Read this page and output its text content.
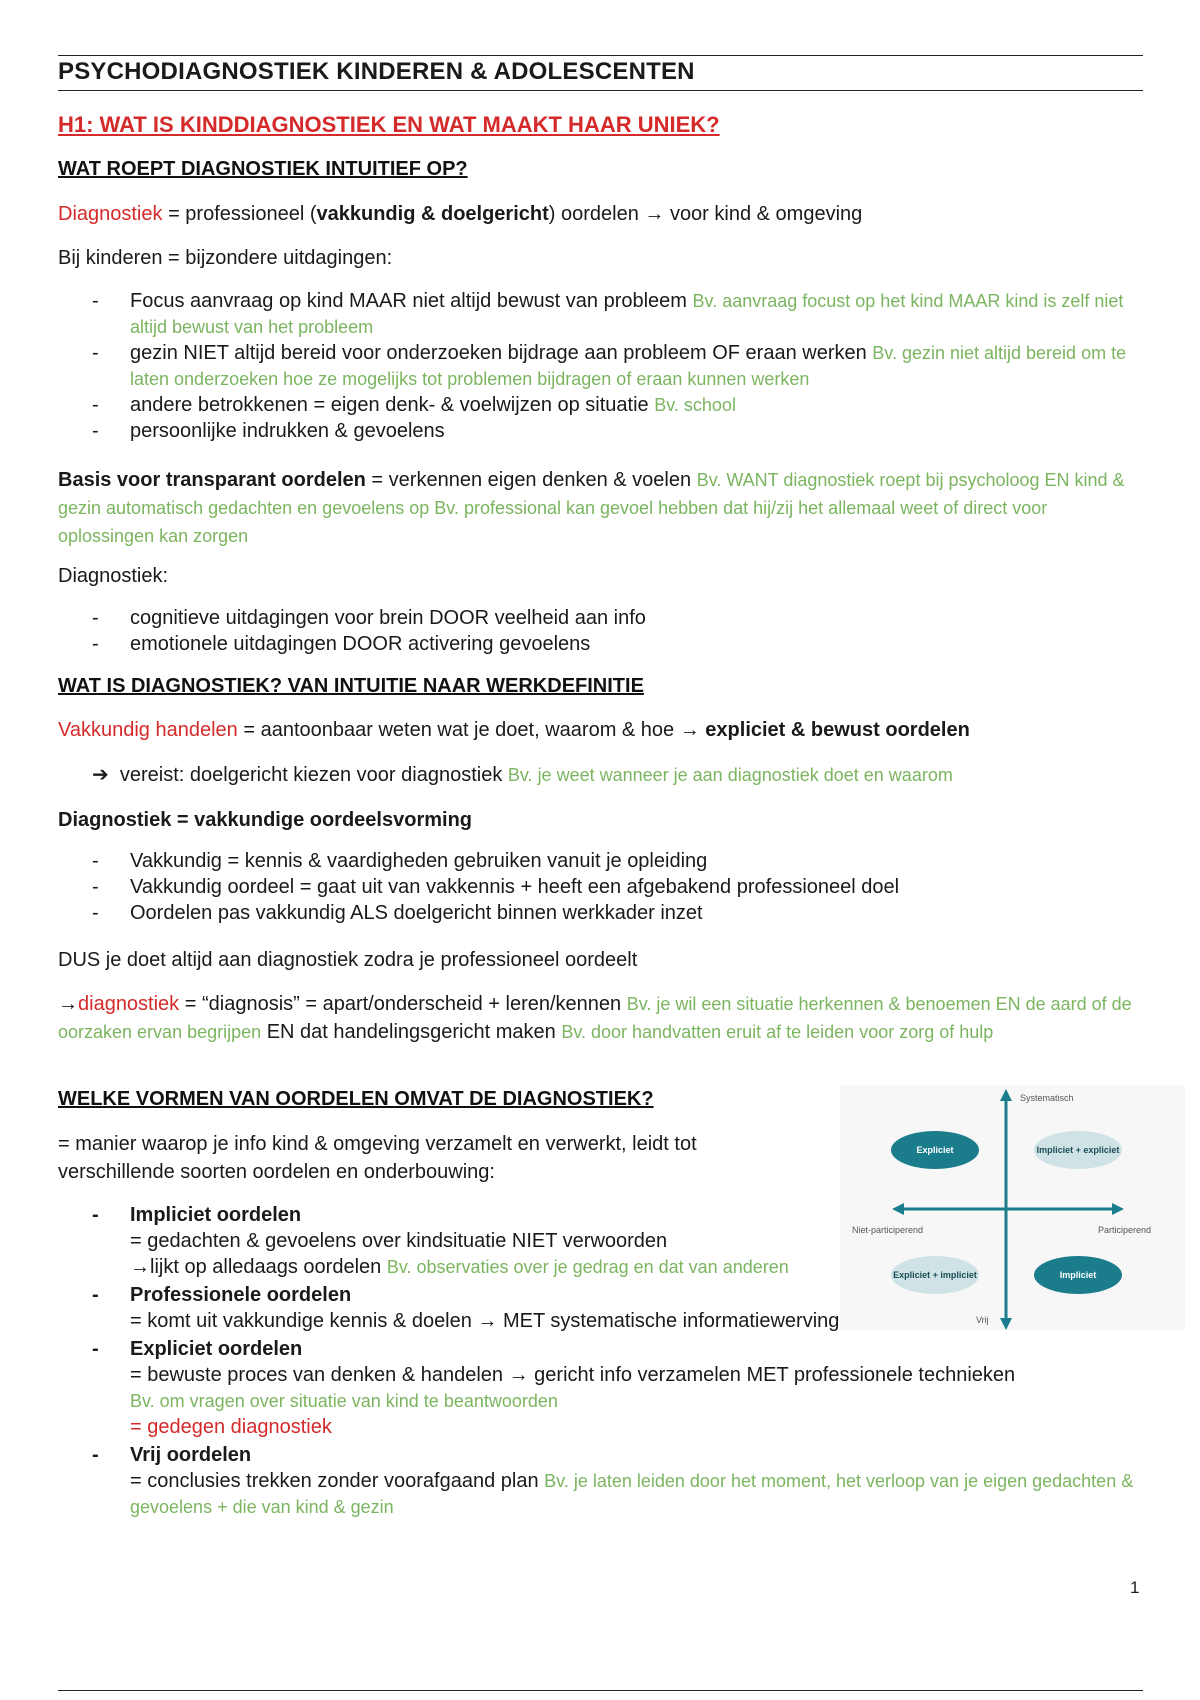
PSYCHODIAGNOSTIEK KINDEREN & ADOLESCENTEN
H1: WAT IS KINDDIAGNOSTIEK EN WAT MAAKT HAAR UNIEK?
WAT ROEPT DIAGNOSTIEK INTUITIEF OP?
Diagnostiek = professioneel (vakkundig & doelgericht) oordelen → voor kind & omgeving
Bij kinderen = bijzondere uitdagingen:
- Focus aanvraag op kind MAAR niet altijd bewust van probleem Bv. aanvraag focust op het kind MAAR kind is zelf niet altijd bewust van het probleem
- gezin NIET altijd bereid voor onderzoeken bijdrage aan probleem OF eraan werken Bv. gezin niet altijd bereid om te laten onderzoeken hoe ze mogelijks tot problemen bijdragen of eraan kunnen werken
- andere betrokkenen = eigen denk- & voelwijzen op situatie Bv. school
- persoonlijke indrukken & gevoelens
Basis voor transparant oordelen = verkennen eigen denken & voelen Bv. WANT diagnostiek roept bij psycholoog EN kind & gezin automatisch gedachten en gevoelens op Bv. professional kan gevoel hebben dat hij/zij het allemaal weet of direct voor oplossingen kan zorgen
Diagnostiek:
- cognitieve uitdagingen voor brein DOOR veelheid aan info
- emotionele uitdagingen DOOR activering gevoelens
WAT IS DIAGNOSTIEK? VAN INTUITIE NAAR WERKDEFINITIE
Vakkundig handelen = aantoonbaar weten wat je doet, waarom & hoe → expliciet & bewust oordelen
➔ vereist: doelgericht kiezen voor diagnostiek Bv. je weet wanneer je aan diagnostiek doet en waarom
Diagnostiek = vakkundige oordeelsvorming
- Vakkundig = kennis & vaardigheden gebruiken vanuit je opleiding
- Vakkundig oordeel = gaat uit van vakkennis + heeft een afgebakend professioneel doel
- Oordelen pas vakkundig ALS doelgericht binnen werkkader inzet
DUS je doet altijd aan diagnostiek zodra je professioneel oordeelt
→diagnostiek = “diagnosis” = apart/onderscheid + leren/kennen Bv. je wil een situatie herkennen & benoemen EN de aard of de oorzaken ervan begrijpen EN dat handelingsgericht maken Bv. door handvatten eruit af te leiden voor zorg of hulp
WELKE VORMEN VAN OORDELEN OMVAT DE DIAGNOSTIEK?
= manier waarop je info kind & omgeving verzamelt en verwerkt, leidt tot verschillende soorten oordelen en onderbouwing:
- Impliciet oordelen
= gedachten & gevoelens over kindsituatie NIET verwoorden
→lijkt op alledaags oordelen Bv. observaties over je gedrag en dat van anderen
- Professionele oordelen
= komt uit vakkundige kennis & doelen → MET systematische informatiewerving
- Expliciet oordelen
= bewuste proces van denken & handelen → gericht info verzamelen MET professionele technieken
Bv. om vragen over situatie van kind te beantwoorden
= gedegen diagnostiek
- Vrij oordelen
= conclusies trekken zonder voorafgaand plan Bv. je laten leiden door het moment, het verloop van je eigen gedachten & gevoelens + die van kind & gezin
Systematisch
Vrij
Niet-participerend	Participerend
Expliciet	Impliciet + expliciet
Expliciet + impliciet	Impliciet
1
